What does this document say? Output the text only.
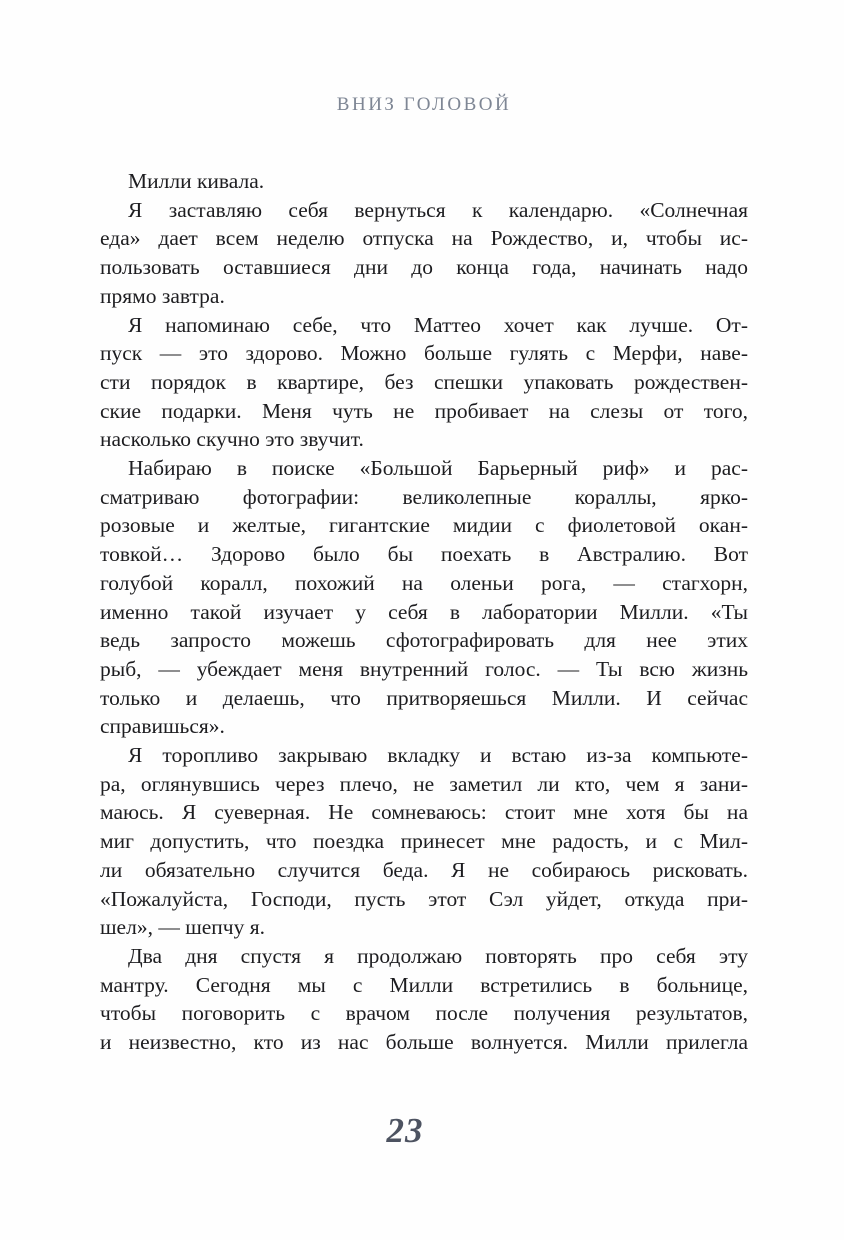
ВНИЗ ГОЛОВОЙ
Милли кивала.
Я заставляю себя вернуться к календарю. «Солнечная
еда» дает всем неделю отпуска на Рождество, и, чтобы ис-
пользовать оставшиеся дни до конца года, начинать надо
прямо завтра.
Я напоминаю себе, что Маттео хочет как лучше. От-
пуск — это здорово. Можно больше гулять с Мерфи, наве-
сти порядок в квартире, без спешки упаковать рождествен-
ские подарки. Меня чуть не пробивает на слезы от того,
насколько скучно это звучит.
Набираю в поиске «Большой Барьерный риф» и рас-
сматриваю фотографии: великолепные кораллы, ярко-
розовые и желтые, гигантские мидии с фиолетовой окан-
товкой… Здорово было бы поехать в Австралию. Вот
голубой коралл, похожий на оленьи рога, — стагхорн,
именно такой изучает у себя в лаборатории Милли. «Ты
ведь запросто можешь сфотографировать для нее этих
рыб, — убеждает меня внутренний голос. — Ты всю жизнь
только и делаешь, что притворяешься Милли. И сейчас
справишься».
Я торопливо закрываю вкладку и встаю из-за компьюте-
ра, оглянувшись через плечо, не заметил ли кто, чем я зани-
маюсь. Я суеверная. Не сомневаюсь: стоит мне хотя бы на
миг допустить, что поездка принесет мне радость, и с Мил-
ли обязательно случится беда. Я не собираюсь рисковать.
«Пожалуйста, Господи, пусть этот Сэл уйдет, откуда при-
шел», — шепчу я.
Два дня спустя я продолжаю повторять про себя эту
мантру. Сегодня мы с Милли встретились в больнице,
чтобы поговорить с врачом после получения результатов,
и неизвестно, кто из нас больше волнуется. Милли прилегла
23
